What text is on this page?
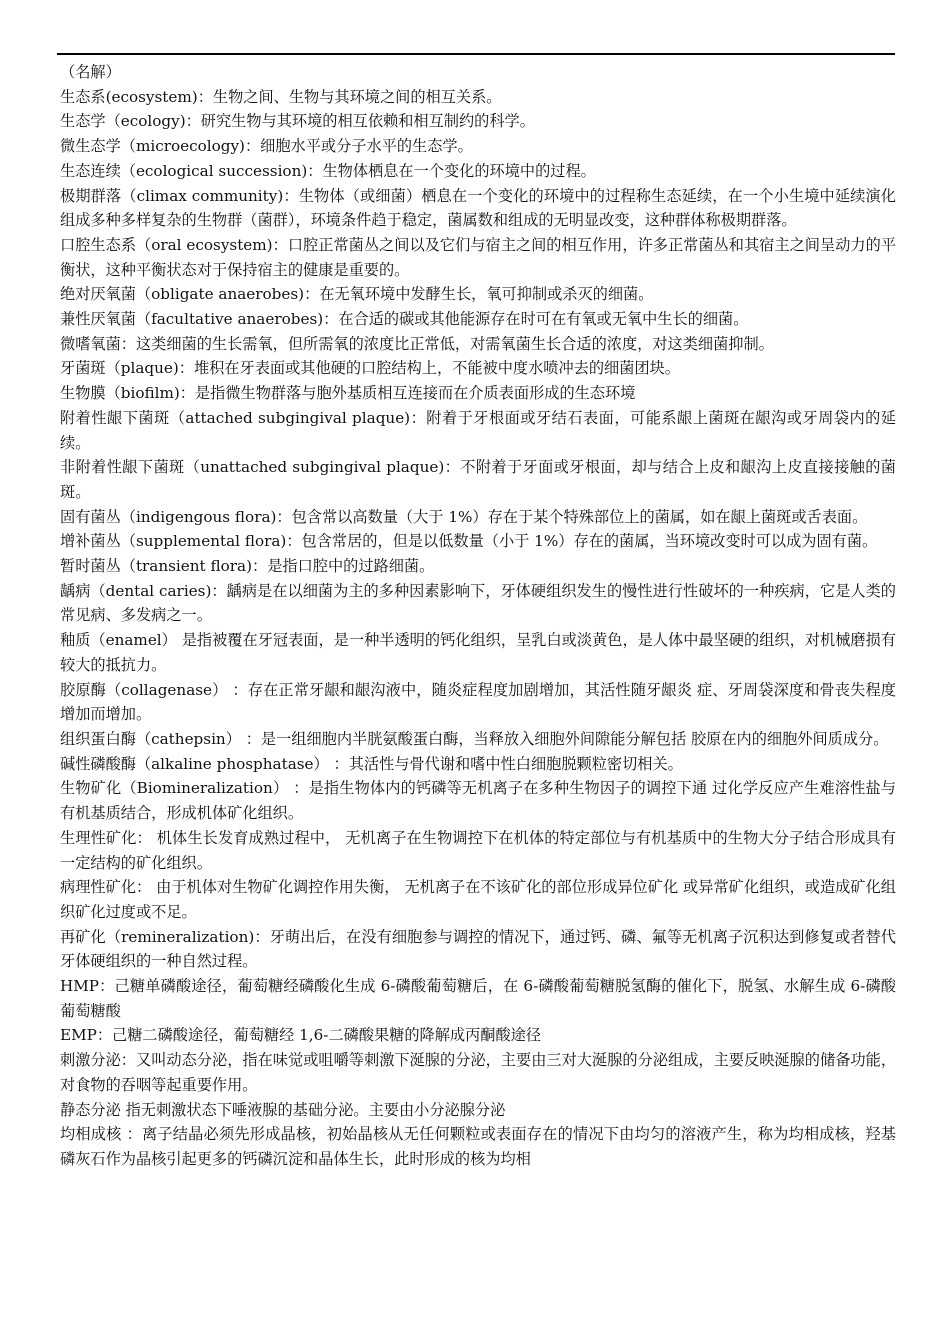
（名解）

生态系(ecosystem)：生物之间、生物与其环境之间的相互关系。

生态学（ecology)：研究生物与其环境的相互依赖和相互制约的科学。

微生态学（microecology)：细胞水平或分子水平的生态学。

生态连续（ecological succession)：生物体栖息在一个变化的环境中的过程。

极期群落（climax community)：生物体（或细菌）栖息在一个变化的环境中的过程称生态延续，在一个小生境中延续演化组成多种多样复杂的生物群（菌群），环境条件趋于稳定，菌属数和组成的无明显改变，这种群体称极期群落。

口腔生态系（oral ecosystem)：口腔正常菌丛之间以及它们与宿主之间的相互作用，许多正常菌丛和其宿主之间呈动力的平衡状，这种平衡状态对于保持宿主的健康是重要的。

绝对厌氧菌（obligate anaerobes)：在无氧环境中发酵生长，氧可抑制或杀灭的细菌。

兼性厌氧菌（facultative anaerobes)：在合适的碳或其他能源存在时可在有氧或无氧中生长的细菌。

微嗜氧菌：这类细菌的生长需氧，但所需氧的浓度比正常低，对需氧菌生长合适的浓度，对这类细菌抑制。

牙菌斑（plaque)：堆积在牙表面或其他硬的口腔结构上，不能被中度水喷冲去的细菌团块。

生物膜（biofilm)：是指微生物群落与胞外基质相互连接而在介质表面形成的生态环境

附着性龈下菌斑（attached subgingival plaque)：附着于牙根面或牙结石表面，可能系龈上菌斑在龈沟或牙周袋内的延续。

非附着性龈下菌斑（unattached subgingival plaque)：不附着于牙面或牙根面，却与结合上皮和龈沟上皮直接接触的菌斑。

固有菌丛（indigengous flora)：包含常以高数量（大于 1%）存在于某个特殊部位上的菌属，如在龈上菌斑或舌表面。

增补菌丛（supplemental flora)：包含常居的，但是以低数量（小于 1%）存在的菌属，当环境改变时可以成为固有菌。

暂时菌丛（transient flora)：是指口腔中的过路细菌。

龋病（dental caries)：龋病是在以细菌为主的多种因素影响下，牙体硬组织发生的慢性进行性破坏的一种疾病，它是人类的常见病、多发病之一。

釉质（enamel） 是指被覆在牙冠表面，是一种半透明的钙化组织，呈乳白或淡黄色，是人体中最坚硬的组织，对机械磨损有较大的抵抗力。

胶原酶（collagenase） ：存在正常牙龈和龈沟液中，随炎症程度加剧增加，其活性随牙龈炎 症、牙周袋深度和骨丧失程度增加而增加。

组织蛋白酶（cathepsin） ：是一组细胞内半胱氨酸蛋白酶，当释放入细胞外间隙能分解包括 胶原在内的细胞外间质成分。

碱性磷酸酶（alkaline phosphatase） ：其活性与骨代谢和嗜中性白细胞脱颗粒密切相关。

生物矿化（Biomineralization） ：是指生物体内的钙磷等无机离子在多种生物因子的调控下通 过化学反应产生难溶性盐与有机基质结合，形成机体矿化组织。

生理性矿化： 机体生长发育成熟过程中， 无机离子在生物调控下在机体的特定部位与有机基质中的生物大分子结合形成具有一定结构的矿化组织。

病理性矿化： 由于机体对生物矿化调控作用失衡， 无机离子在不该矿化的部位形成异位矿化 或异常矿化组织，或造成矿化组织矿化过度或不足。

再矿化（remineralization)：牙萌出后，在没有细胞参与调控的情况下，通过钙、磷、氟等无机离子沉积达到修复或者替代牙体硬组织的一种自然过程。

HMP：己糖单磷酸途径，葡萄糖经磷酸化生成 6-磷酸葡萄糖后，在 6-磷酸葡萄糖脱氢酶的催化下，脱氢、水解生成 6-磷酸葡萄糖酸

EMP：己糖二磷酸途径，葡萄糖经 1,6-二磷酸果糖的降解成丙酮酸途径

刺激分泌：又叫动态分泌，指在味觉或咀嚼等刺激下涎腺的分泌，主要由三对大涎腺的分泌组成，主要反映涎腺的储备功能，对食物的吞咽等起重要作用。

静态分泌 指无刺激状态下唾液腺的基础分泌。主要由小分泌腺分泌

均相成核 ：离子结晶必须先形成晶核，初始晶核从无任何颗粒或表面存在的情况下由均匀的溶液产生，称为均相成核，羟基磷灰石作为晶核引起更多的钙磷沉淀和晶体生长，此时形成的核为均相
